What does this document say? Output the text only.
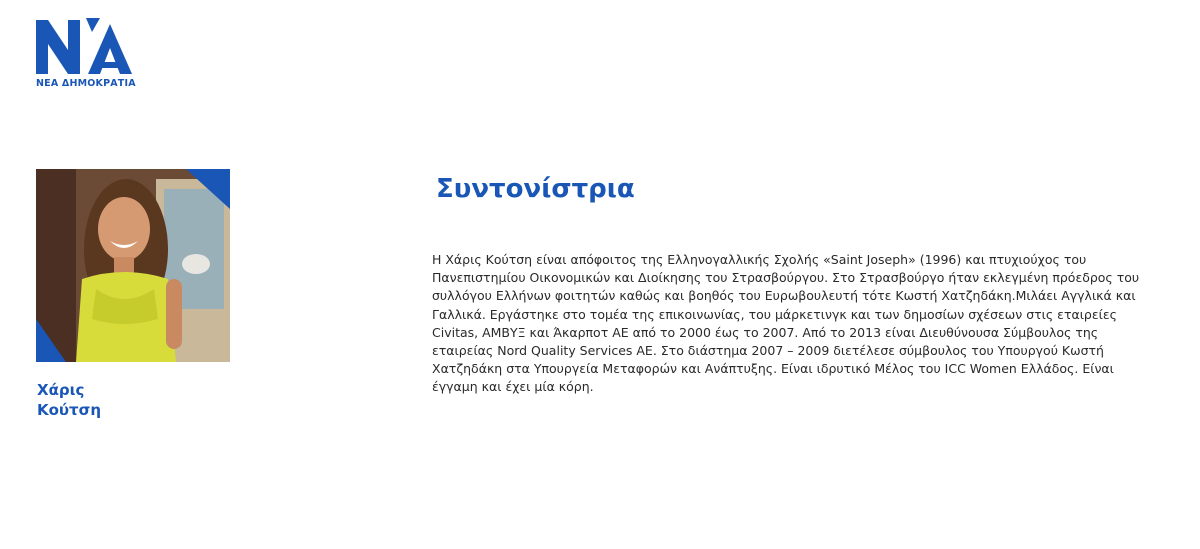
ΝΕΑ ΔΗΜΟΚΡΑΤΙΑ
Χάρις
Κούτση
Συντονίστρια

Η Χάρις Κούτση είναι απόφοιτος της Ελληνογαλλικής Σχολής «Saint Joseph» (1996) και πτυχιούχος του
Πανεπιστημίου Οικονομικών και Διοίκησης του Στρασβούργου. Στο Στρασβούργο ήταν εκλεγμένη πρόεδρος του
συλλόγου Ελλήνων φοιτητών καθώς και βοηθός του Ευρωβουλευτή τότε Κωστή Χατζηδάκη.Μιλάει Αγγλικά και
Γαλλικά. Εργάστηκε στο τομέα της επικοινωνίας, του μάρκετινγκ και των δημοσίων σχέσεων στις εταιρείες
Civitas, ΑΜΒΥΞ και Άκαρποτ ΑΕ από το 2000 έως το 2007. Από το 2013 είναι Διευθύνουσα Σύμβουλος της
εταιρείας Nord Quality Services AE. Στο διάστημα 2007 – 2009 διετέλεσε σύμβουλος του Υπουργού Κωστή
Χατζηδάκη στα Υπουργεία Μεταφορών και Ανάπτυξης. Είναι ιδρυτικό Μέλος του ICC Women Ελλάδος. Είναι
έγγαμη και έχει μία κόρη.
